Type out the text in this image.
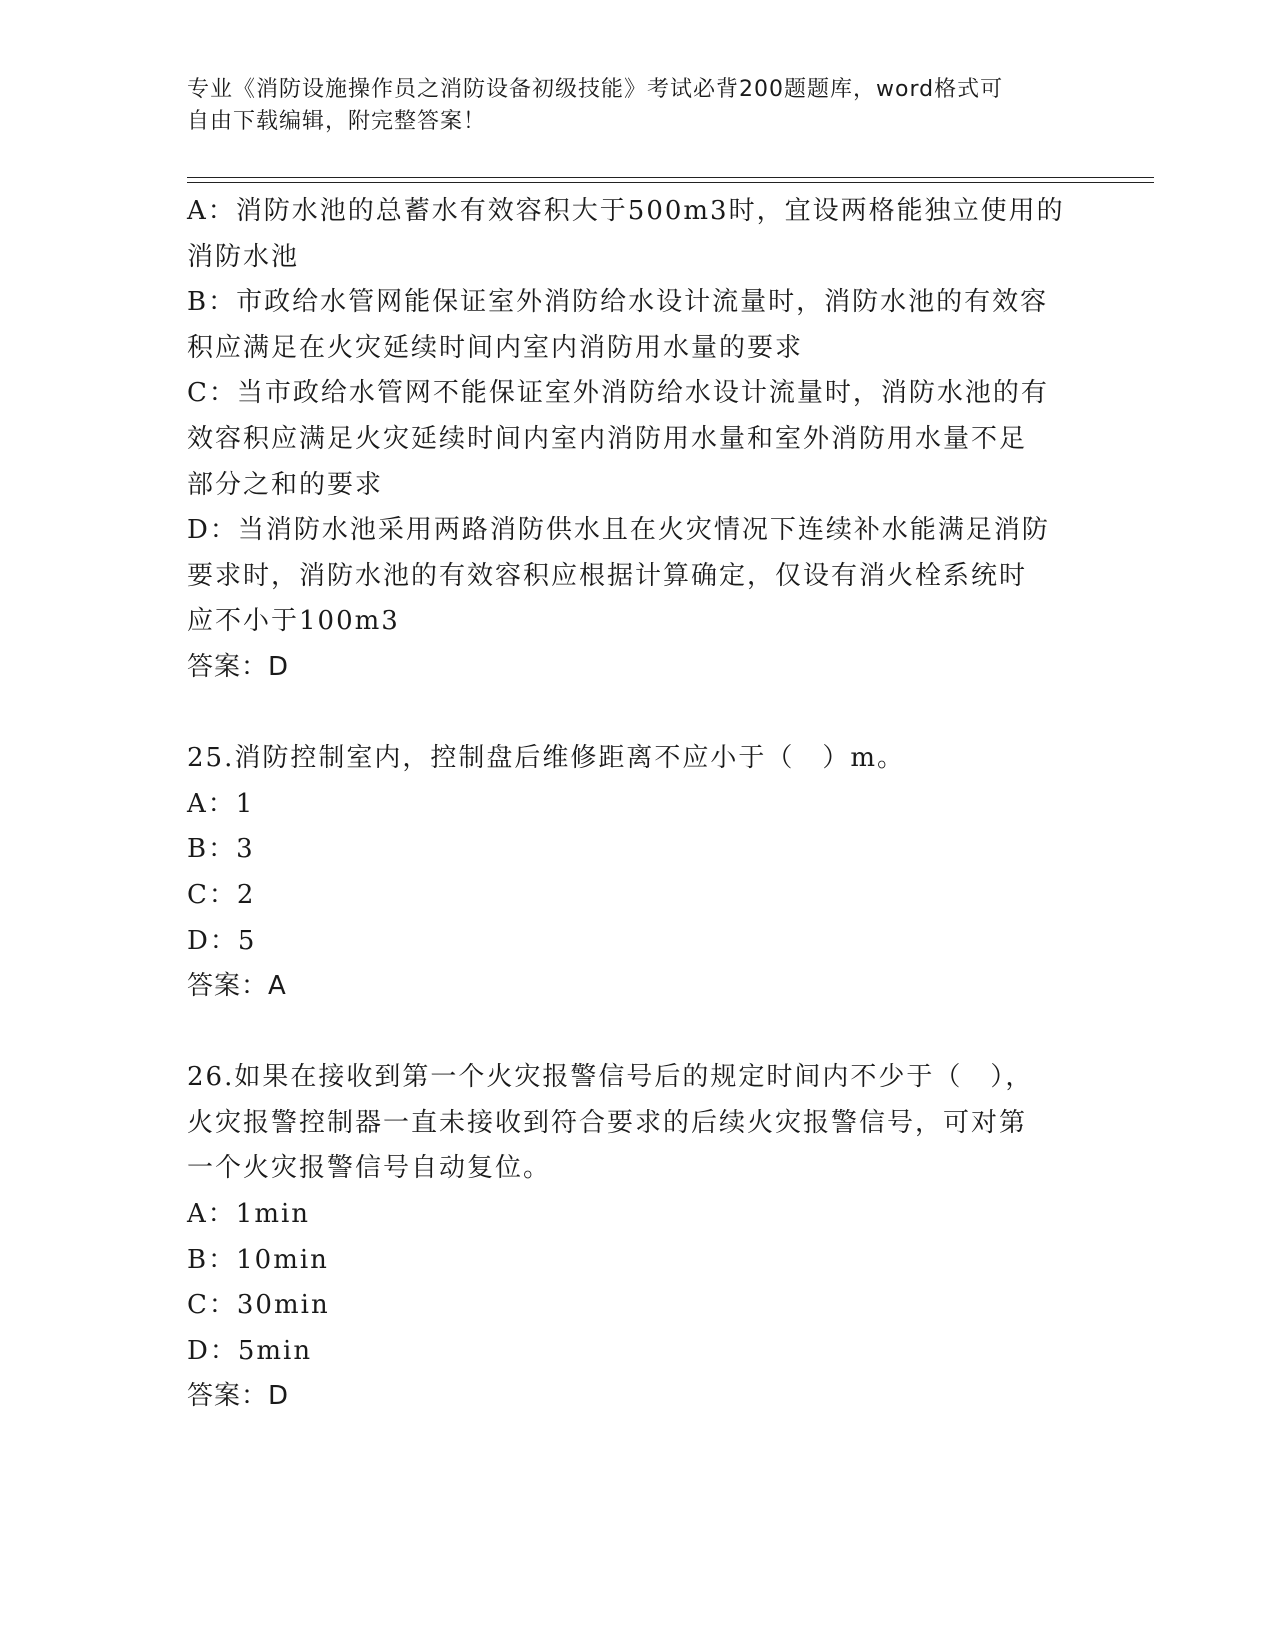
专业《消防设施操作员之消防设备初级技能》考试必背200题题库，word格式可
自由下载编辑，附完整答案！
A：消防水池的总蓄水有效容积大于500m3时，宜设两格能独立使用的
消防水池
B：市政给水管网能保证室外消防给水设计流量时，消防水池的有效容
积应满足在火灾延续时间内室内消防用水量的要求
C：当市政给水管网不能保证室外消防给水设计流量时，消防水池的有
效容积应满足火灾延续时间内室内消防用水量和室外消防用水量不足
部分之和的要求
D：当消防水池采用两路消防供水且在火灾情况下连续补水能满足消防
要求时，消防水池的有效容积应根据计算确定，仅设有消火栓系统时
应不小于100m3
答案：D
25.消防控制室内，控制盘后维修距离不应小于（　）m。
A：1
B：3
C：2
D：5
答案：A
26.如果在接收到第一个火灾报警信号后的规定时间内不少于（　），
火灾报警控制器一直未接收到符合要求的后续火灾报警信号，可对第
一个火灾报警信号自动复位。
A：1min
B：10min
C：30min
D：5min
答案：D
